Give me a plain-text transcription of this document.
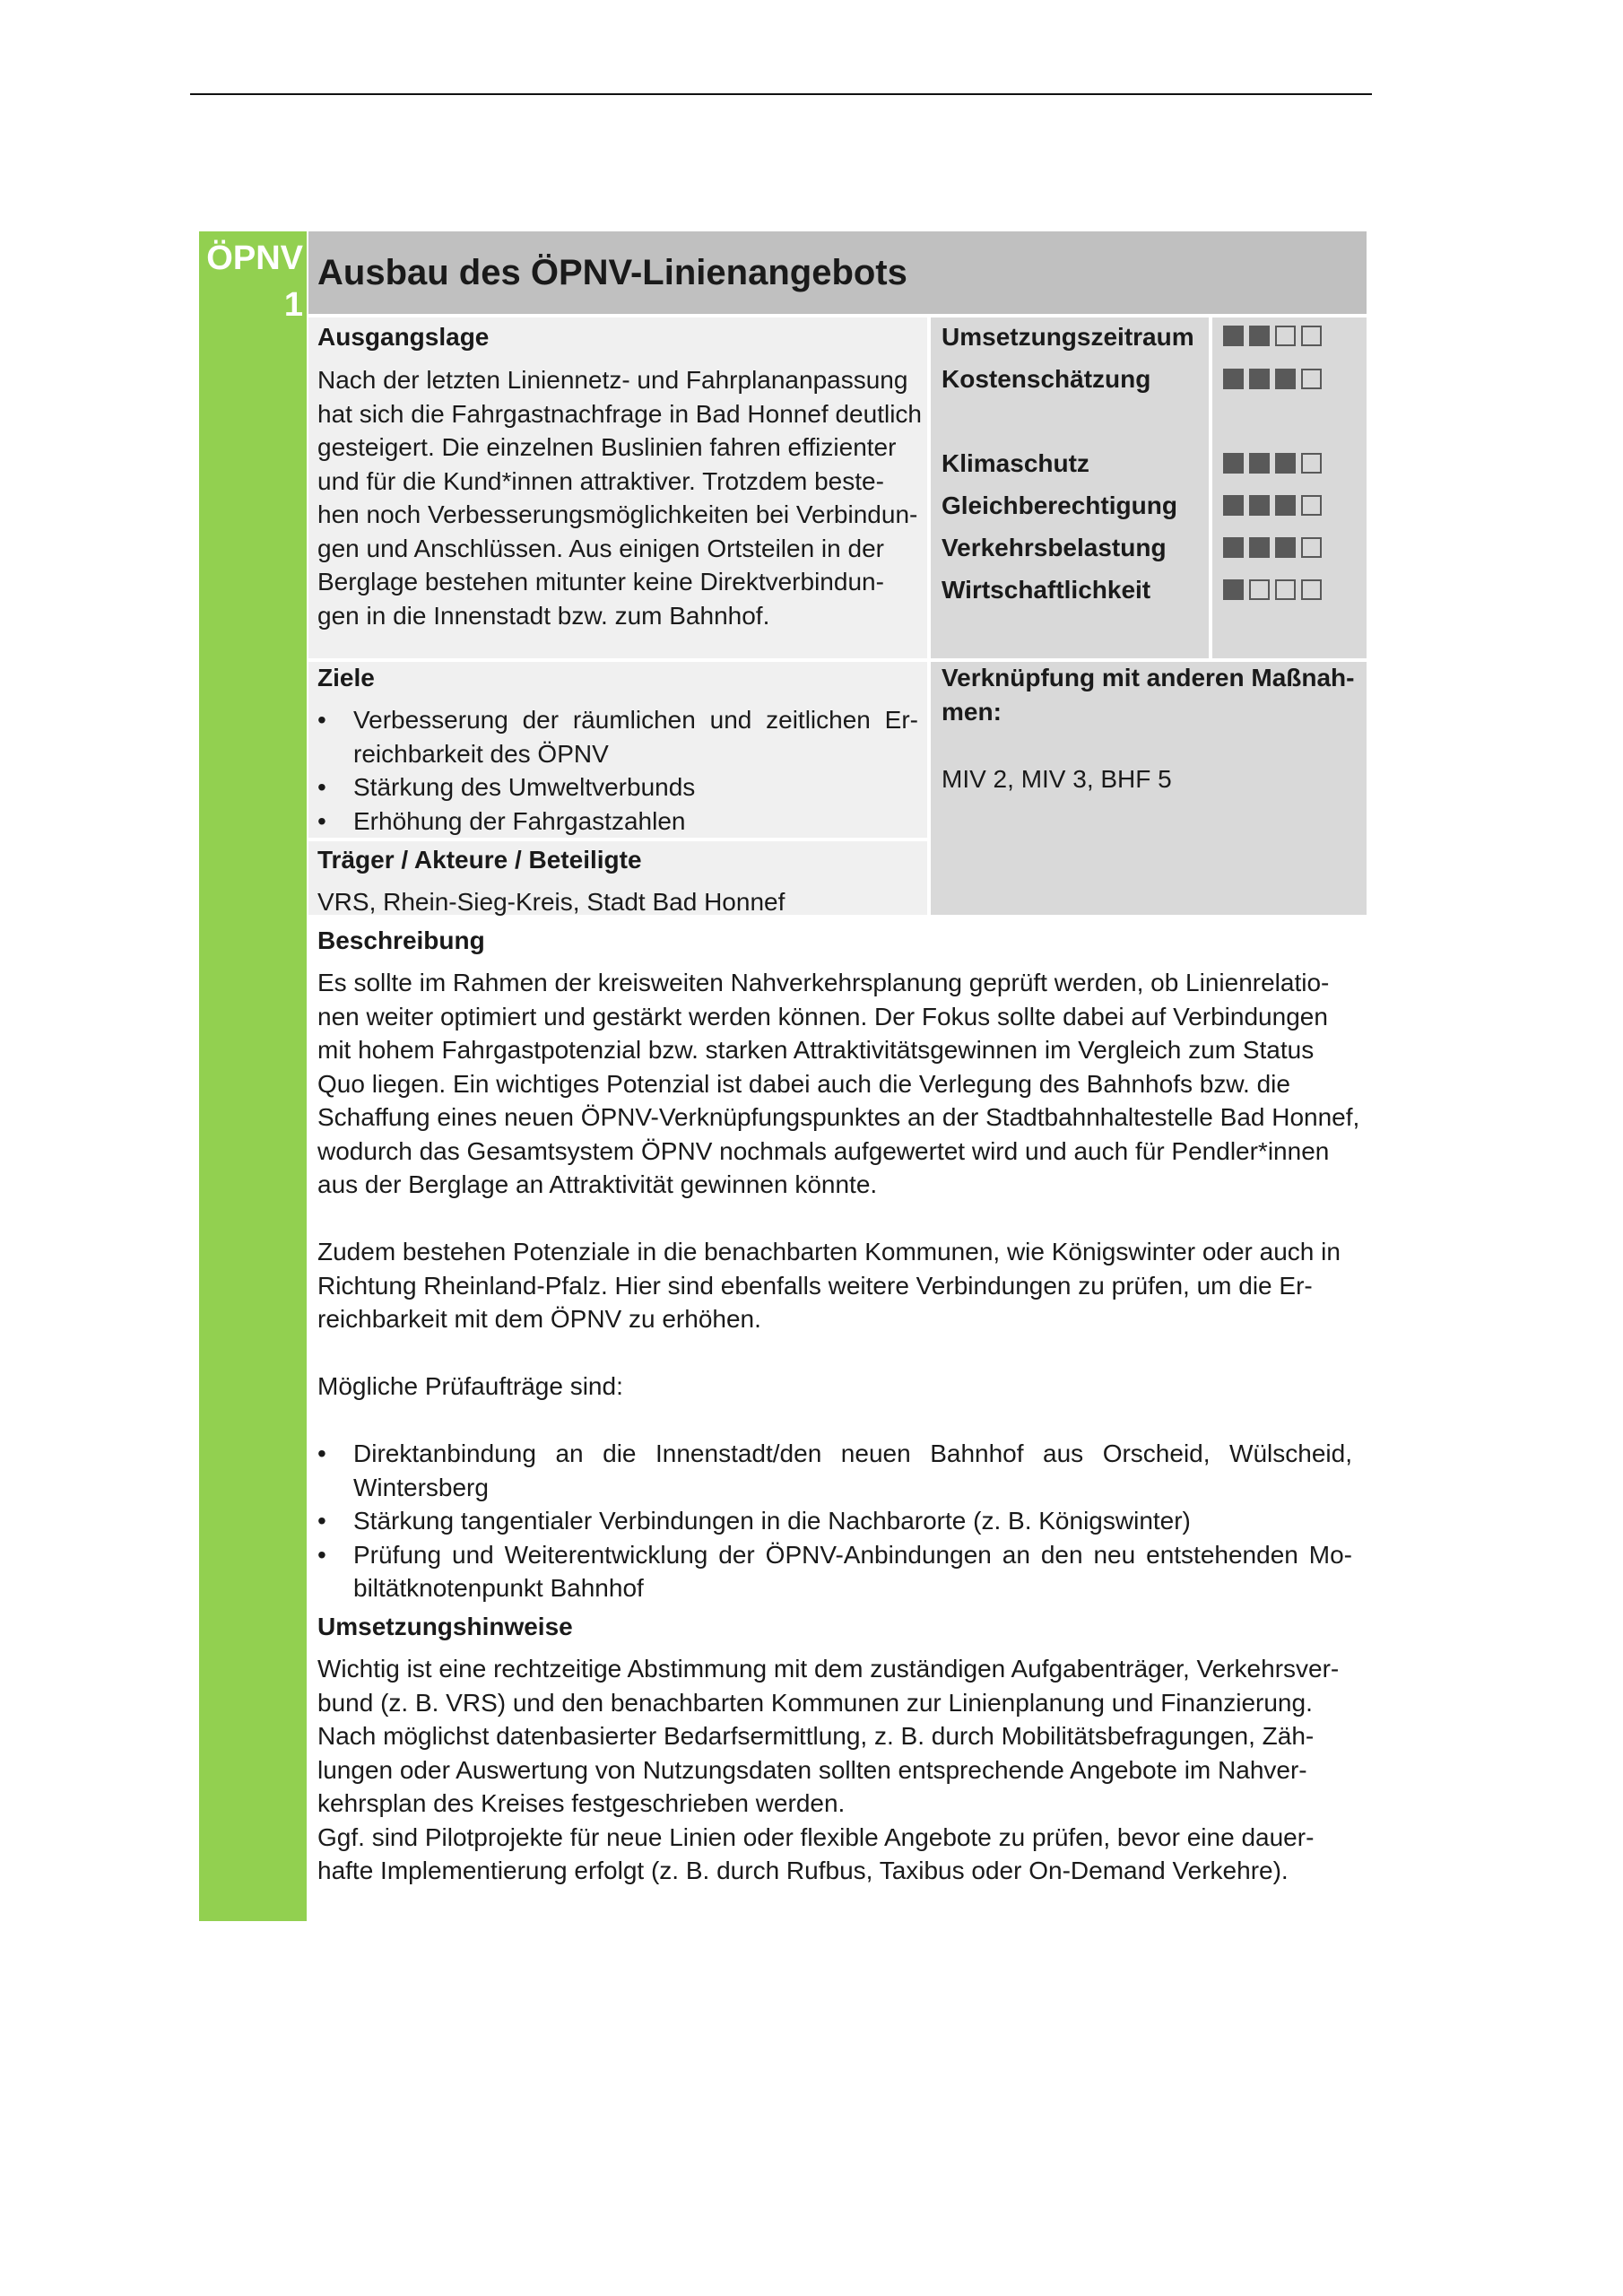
ÖPNV
1
Ausbau des ÖPNV-Linienangebots
Ausgangslage
Nach der letzten Liniennetz- und Fahrplananpassung
hat sich die Fahrgastnachfrage in Bad Honnef deutlich
gesteigert. Die einzelnen Buslinien fahren effizienter
und für die Kund*innen attraktiver. Trotzdem beste-
hen noch Verbesserungsmöglichkeiten bei Verbindun-
gen und Anschlüssen. Aus einigen Ortsteilen in der
Berglage bestehen mitunter keine Direktverbindun-
gen in die Innenstadt bzw. zum Bahnhof.
Umsetzungszeitraum
Kostenschätzung
Klimaschutz
Gleichberechtigung
Verkehrsbelastung
Wirtschaftlichkeit
Ziele
• Verbesserung der räumlichen und zeitlichen Er-reichbarkeit des ÖPNV
• Stärkung des Umweltverbunds
• Erhöhung der Fahrgastzahlen
Verknüpfung mit anderen Maßnah-
men:
MIV 2, MIV 3, BHF 5
Träger / Akteure / Beteiligte
VRS, Rhein-Sieg-Kreis, Stadt Bad Honnef
Beschreibung
Es sollte im Rahmen der kreisweiten Nahverkehrsplanung geprüft werden, ob Linienrelatio-
nen weiter optimiert und gestärkt werden können. Der Fokus sollte dabei auf Verbindungen
mit hohem Fahrgastpotenzial bzw. starken Attraktivitätsgewinnen im Vergleich zum Status
Quo liegen. Ein wichtiges Potenzial ist dabei auch die Verlegung des Bahnhofs bzw. die
Schaffung eines neuen ÖPNV-Verknüpfungspunktes an der Stadtbahnhaltestelle Bad Honnef,
wodurch das Gesamtsystem ÖPNV nochmals aufgewertet wird und auch für Pendler*innen
aus der Berglage an Attraktivität gewinnen könnte.
Zudem bestehen Potenziale in die benachbarten Kommunen, wie Königswinter oder auch in
Richtung Rheinland-Pfalz. Hier sind ebenfalls weitere Verbindungen zu prüfen, um die Er-
reichbarkeit mit dem ÖPNV zu erhöhen.
Mögliche Prüfaufträge sind:
• Direktanbindung an die Innenstadt/den neuen Bahnhof aus Orscheid, Wülscheid, Wintersberg
• Stärkung tangentialer Verbindungen in die Nachbarorte (z. B. Königswinter)
• Prüfung und Weiterentwicklung der ÖPNV-Anbindungen an den neu entstehenden Mo-biltätknotenpunkt Bahnhof
Umsetzungshinweise
Wichtig ist eine rechtzeitige Abstimmung mit dem zuständigen Aufgabenträger, Verkehrsver-
bund (z. B. VRS) und den benachbarten Kommunen zur Linienplanung und Finanzierung.
Nach möglichst datenbasierter Bedarfsermittlung, z. B. durch Mobilitätsbefragungen, Zäh-
lungen oder Auswertung von Nutzungsdaten sollten entsprechende Angebote im Nahver-
kehrsplan des Kreises festgeschrieben werden.
Ggf. sind Pilotprojekte für neue Linien oder flexible Angebote zu prüfen, bevor eine dauer-
hafte Implementierung erfolgt (z. B. durch Rufbus, Taxibus oder On-Demand Verkehre).
